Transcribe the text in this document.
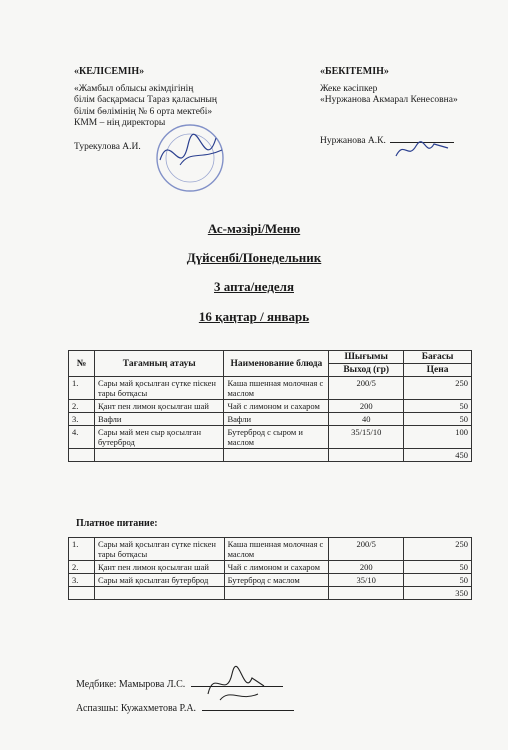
«КЕЛІСЕМІН»
«Жамбыл облысы әкімдігінің
білім басқармасы Тараз қаласының
білім бөлімінің № 6 орта мектебі»
КММ – нің директоры
Турекулова А.И.
«БЕКІТЕМІН»
Жеке кәсіпкер
«Нуржанова Акмарал Кенесовна»
Нуржанова А.К.
Ас-мәзірі/Меню
Дүйсенбі/Понедельник
3 апта/неделя
16 қаңтар / январь
№	Тағамның атауы	Наименование блюда	Шығымы	Бағасы
			Выход (гр)	Цена
1.	Сары май қосылған сүтке піскен тары ботқасы	Каша пшенная молочная с маслом	200/5	250
2.	Қант пен лимон қосылған шай	Чай с лимоном и сахаром	200	50
3.	Вафли	Вафли	40	50
4.	Сары май мен сыр қосылған бутерброд	Бутерброд с сыром и маслом	35/15/10	100
				450
Платное питание:
1.	Сары май қосылған сүтке піскен тары ботқасы	Каша пшенная молочная с маслом	200/5	250
2.	Қант пен лимон қосылған шай	Чай с лимоном и сахаром	200	50
3.	Сары май қосылған бутерброд	Бутерброд с маслом	35/10	50
				350
Медбике: Мамырова Л.С.
Аспазшы: Кужахметова Р.А.
